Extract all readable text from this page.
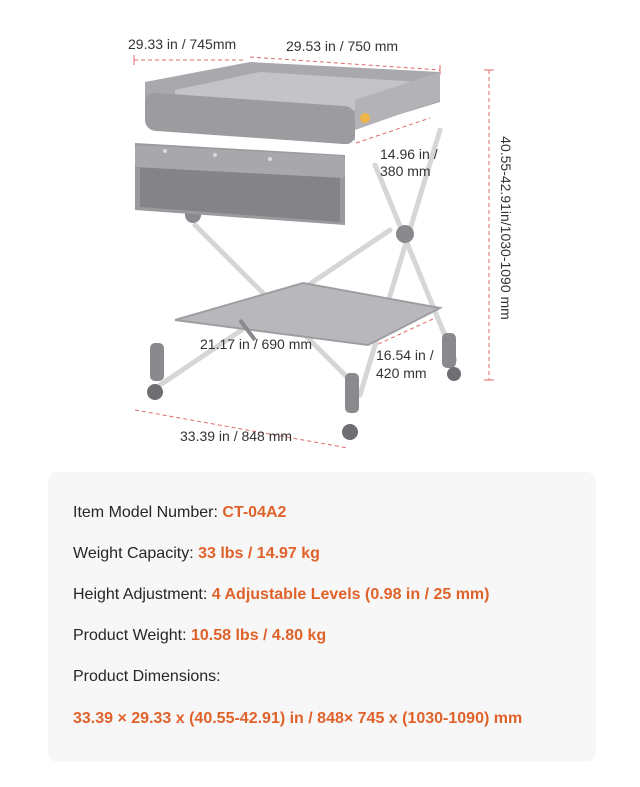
29.33 in / 745mm	29.53 in / 750 mm
14.96 in /
380 mm	40.55-42.91in/1030-1090 mm
21.17 in / 690 mm
16.54 in /
420 mm
33.39 in / 848 mm
Item Model Number: CT-04A2
Weight Capacity: 33 lbs / 14.97 kg
Height Adjustment: 4 Adjustable Levels (0.98 in / 25 mm)
Product Weight: 10.58 lbs / 4.80 kg
Product Dimensions:
33.39 × 29.33 x (40.55-42.91) in / 848× 745 x (1030-1090) mm
